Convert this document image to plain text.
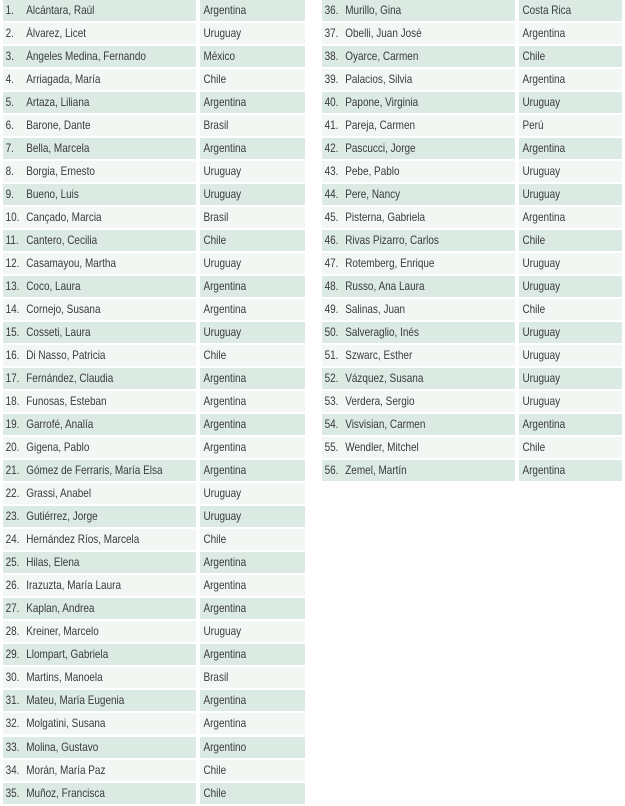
1. Alcántara, Raúl	Argentina
2. Álvarez, Licet	Uruguay
3. Ángeles Medina, Fernando	México
4. Arriagada, María	Chile
5. Artaza, Liliana	Argentina
6. Barone, Dante	Brasil
7. Bella, Marcela	Argentina
8. Borgia, Ernesto	Uruguay
9. Bueno, Luis	Uruguay
10. Cançado, Marcia	Brasil
11. Cantero, Cecilia	Chile
12. Casamayou, Martha	Uruguay
13. Coco, Laura	Argentina
14. Cornejo, Susana	Argentina
15. Cosseti, Laura	Uruguay
16. Di Nasso, Patricia	Chile
17. Fernández, Claudia	Argentina
18. Funosas, Esteban	Argentina
19. Garrofé, Analía	Argentina
20. Gigena, Pablo	Argentina
21. Gómez de Ferraris, María Elsa	Argentina
22. Grassi, Anabel	Uruguay
23. Gutiérrez, Jorge	Uruguay
24. Hernández Ríos, Marcela	Chile
25. Hilas, Elena	Argentina
26. Irazuzta, María Laura	Argentina
27. Kaplan, Andrea	Argentina
28. Kreiner, Marcelo	Uruguay
29. Llompart, Gabriela	Argentina
30. Martins, Manoela	Brasil
31. Mateu, María Eugenia	Argentina
32. Molgatini, Susana	Argentina
33. Molina, Gustavo	Argentino
34. Morán, María Paz	Chile
35. Muñoz, Francisca	Chile
36. Murillo, Gina	Costa Rica
37. Obelli, Juan José	Argentina
38. Oyarce, Carmen	Chile
39. Palacios, Silvia	Argentina
40. Papone, Virginia	Uruguay
41. Pareja, Carmen	Perú
42. Pascucci, Jorge	Argentina
43. Pebe, Pablo	Uruguay
44. Pere, Nancy	Uruguay
45. Pisterna, Gabriela	Argentina
46. Rivas Pizarro, Carlos	Chile
47. Rotemberg, Enrique	Uruguay
48. Russo, Ana Laura	Uruguay
49. Salinas, Juan	Chile
50. Salveraglio, Inés	Uruguay
51. Szwarc, Esther	Uruguay
52. Vázquez, Susana	Uruguay
53. Verdera, Sergio	Uruguay
54. Visvisian, Carmen	Argentina
55. Wendler, Mitchel	Chile
56. Zemel, Martín	Argentina
